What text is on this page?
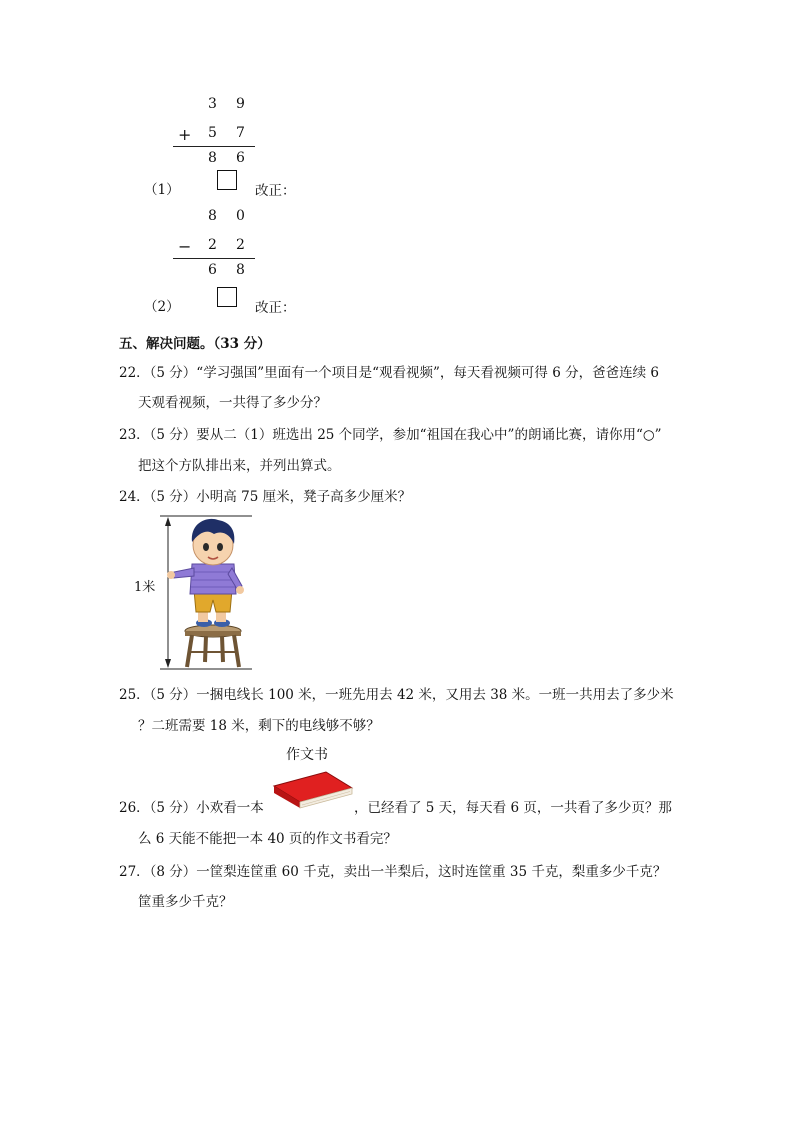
3 9
+ 5 7
8 6
（1）	改正：
8 0
− 2 2
6 8
（2）	改正：
五、解决问题。（33 分）
22．（5 分）“学习强国”里面有一个项目是“观看视频”，每天看视频可得 6 分，爸爸连续 6
天观看视频，一共得了多少分？
23．（5 分）要从二（1）班选出 25 个同学，参加“祖国在我心中”的朗诵比赛，请你用“○”
把这个方队排出来，并列出算式。
24．（5 分）小明高 75 厘米，凳子高多少厘米？
1米
25．（5 分）一捆电线长 100 米，一班先用去 42 米，又用去 38 米。一班一共用去了多少米
？二班需要 18 米，剩下的电线够不够？
作文书
26．（5 分）小欢看一本	，已经看了 5 天，每天看 6 页，一共看了多少页？那
么 6 天能不能把一本 40 页的作文书看完？
27．（8 分）一筐梨连筐重 60 千克，卖出一半梨后，这时连筐重 35 千克，梨重多少千克？
筐重多少千克？
